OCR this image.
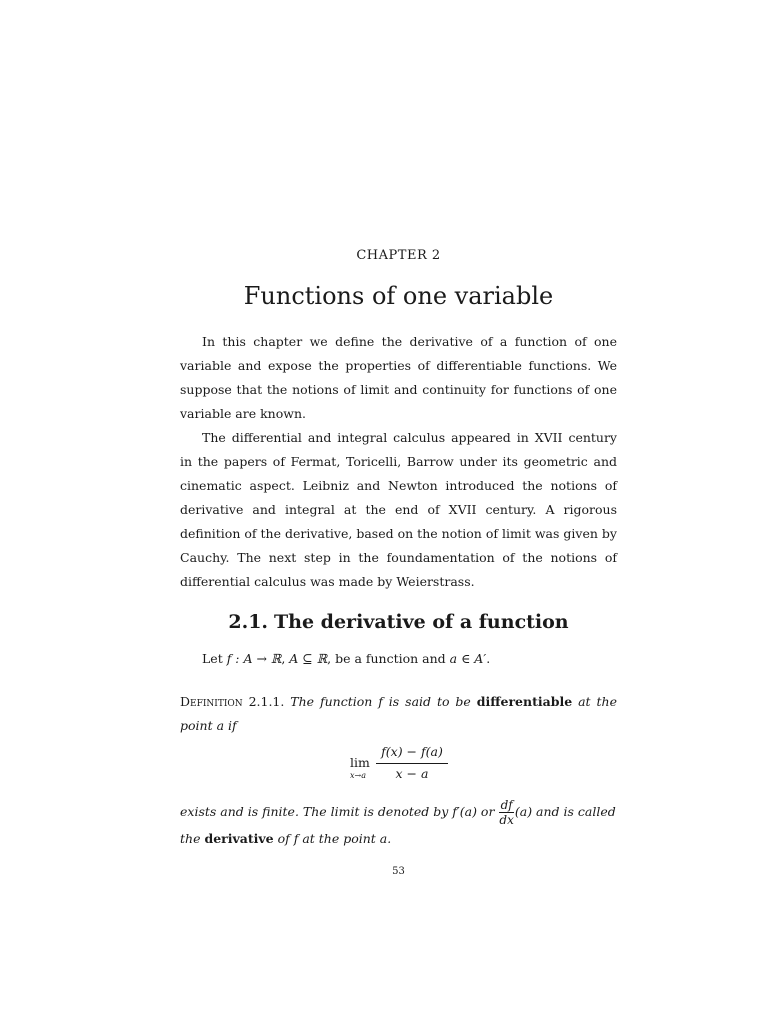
CHAPTER 2
Functions of one variable

In this chapter we define the derivative of a function of one variable and expose the properties of differentiable functions. We suppose that the notions of limit and continuity for functions of one variable are known.

The differential and integral calculus appeared in XVII century in the papers of Fermat, Toricelli, Barrow under its geometric and cinematic aspect. Leibniz and Newton introduced the notions of derivative and integral at the end of XVII century. A rigorous definition of the derivative, based on the notion of limit was given by Cauchy. The next step in the foundamentation of the notions of differential calculus was made by Weierstrass.

2.1. The derivative of a function
Let f : A → ℝ, A ⊆ ℝ, be a function and a ∈ A′.
Definition 2.1.1. The function f is said to be differentiable at the point a if
lim
x→a
f(x) − f(a)
x − a
exists and is finite. The limit is denoted by f′(a) or $\frac{df}{dx} (a)$ and is called
the derivative of f at the point a.
53
